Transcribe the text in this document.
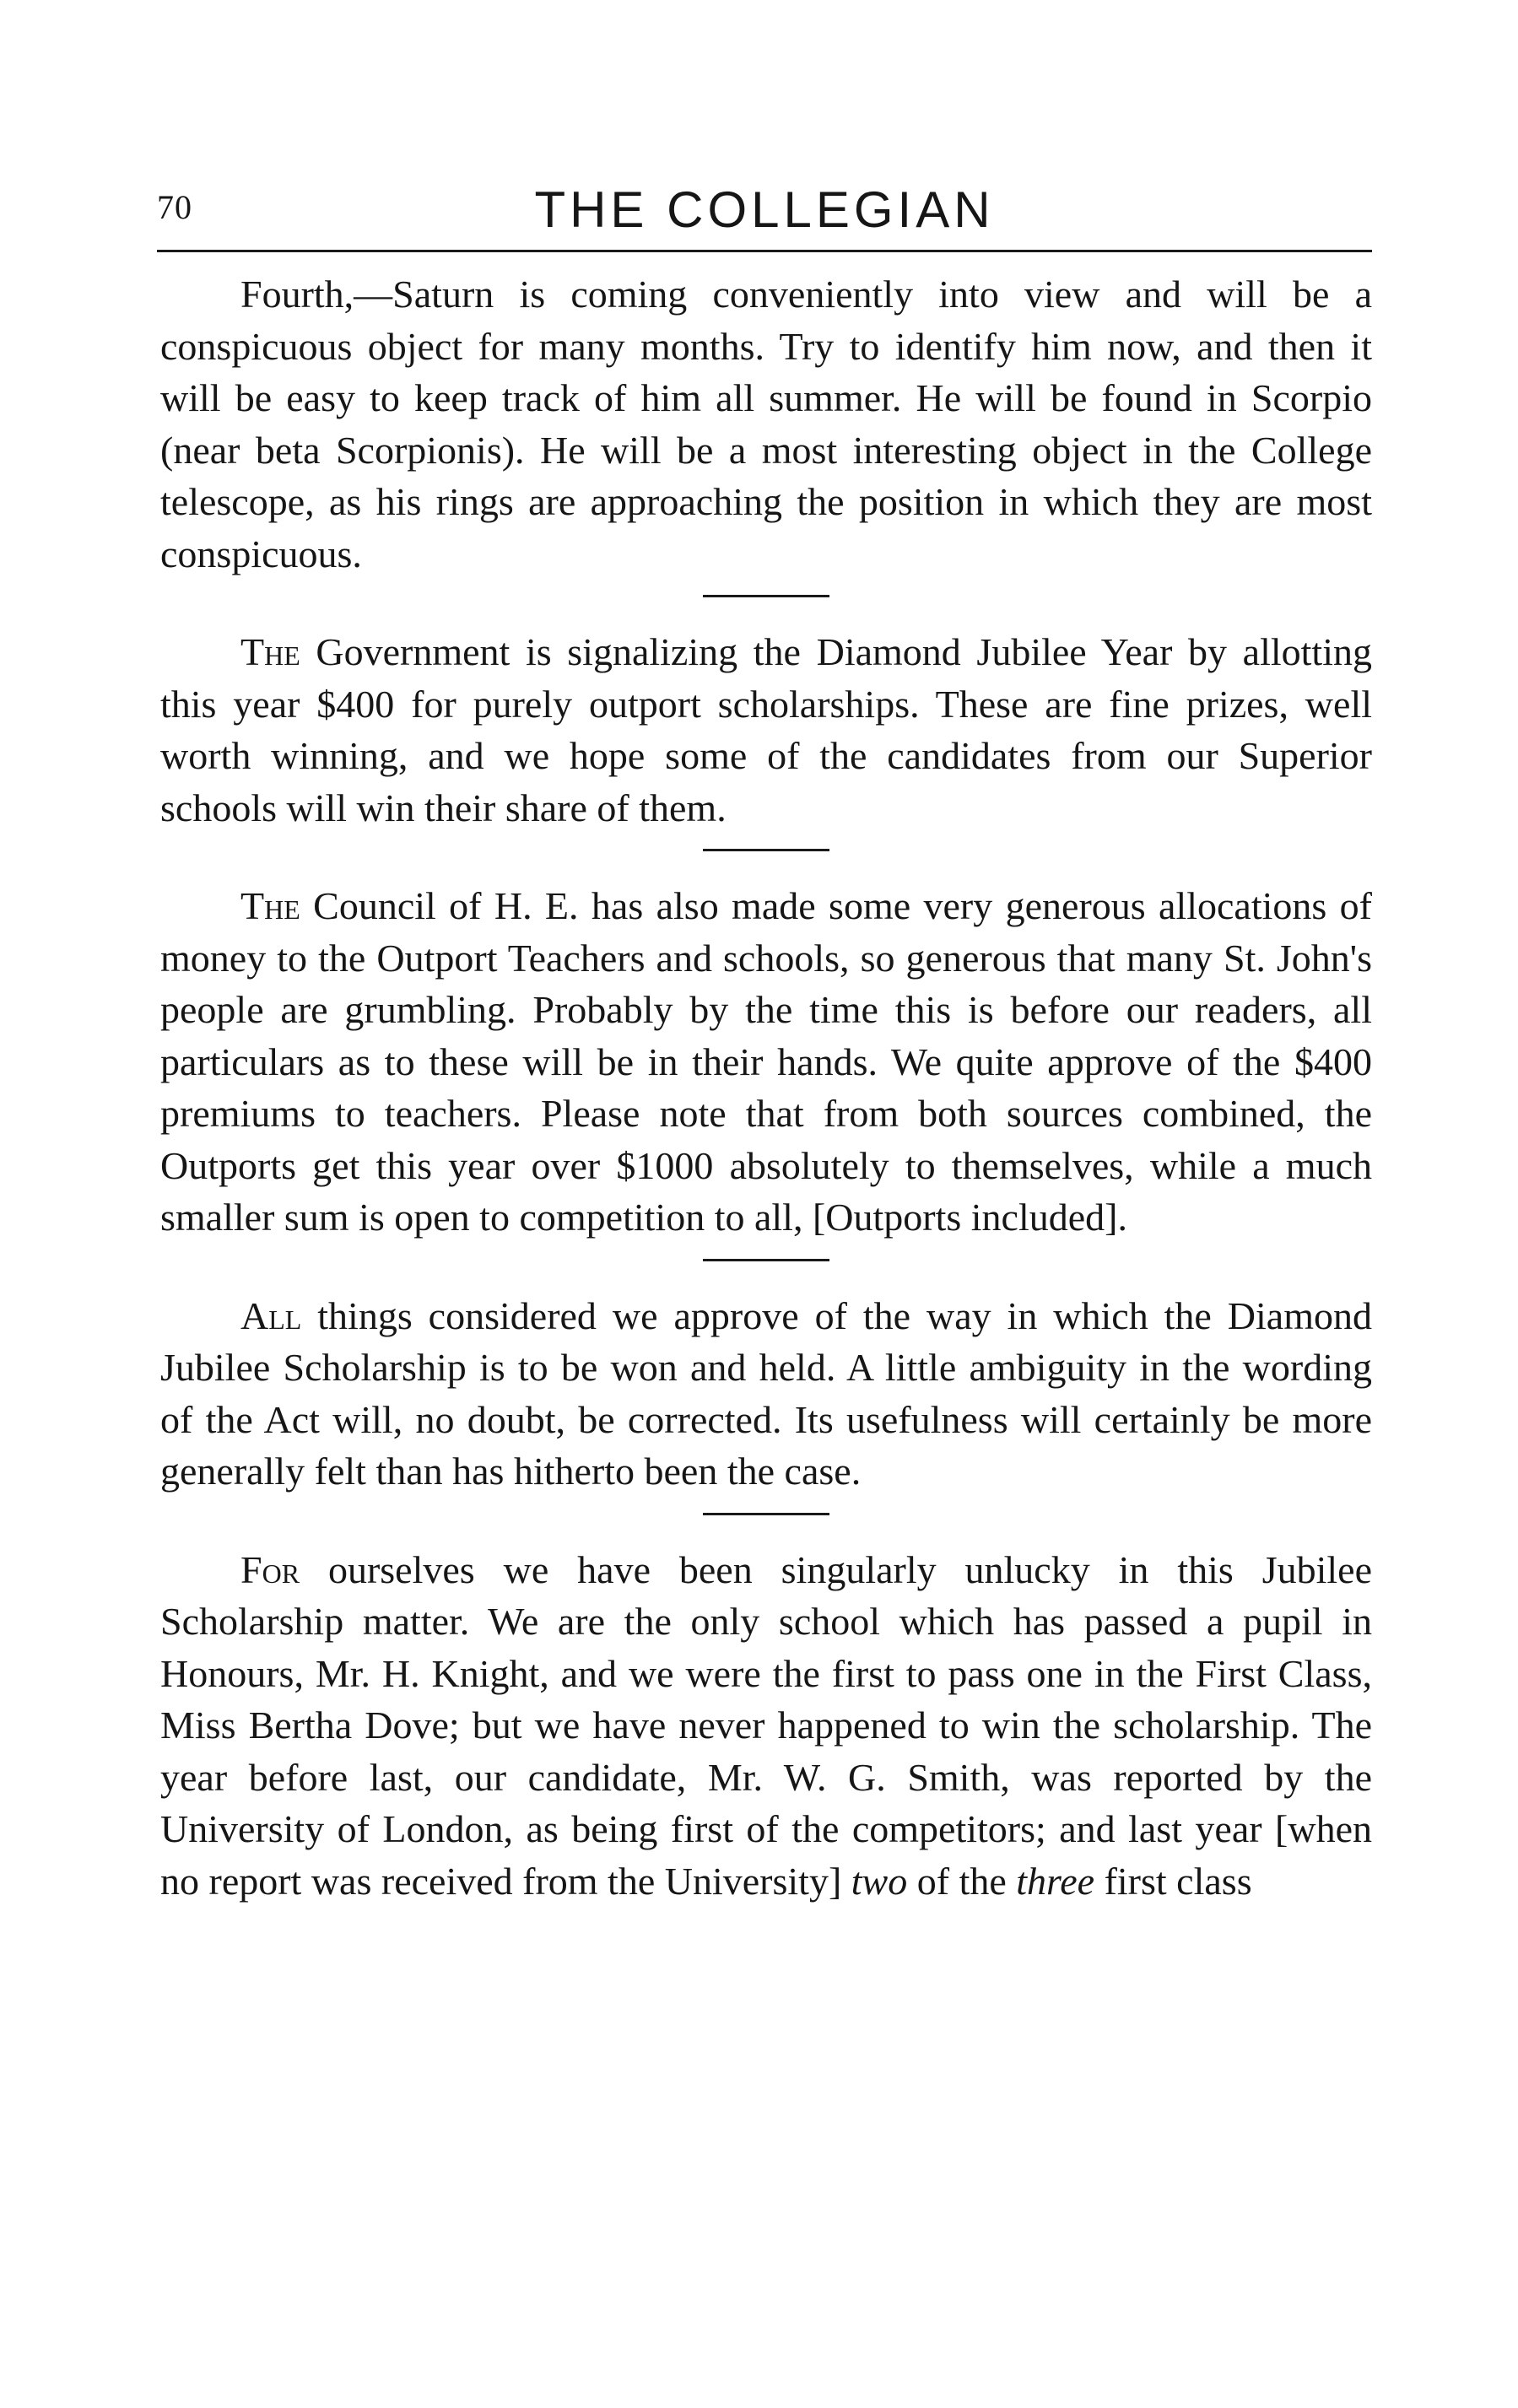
70	THE COLLEGIAN

Fourth,—Saturn is coming conveniently into view and will be a conspicuous object for many months. Try to identify him now, and then it will be easy to keep track of him all summer. He will be found in Scorpio (near beta Scorpionis). He will be a most interesting object in the College telescope, as his rings are approaching the position in which they are most conspicuous.

The Government is signalizing the Diamond Jubilee Year by allotting this year $400 for purely outport scholarships. These are fine prizes, well worth winning, and we hope some of the candidates from our Superior schools will win their share of them.

The Council of H. E. has also made some very generous allocations of money to the Outport Teachers and schools, so generous that many St. John's people are grumbling. Probably by the time this is before our readers, all particulars as to these will be in their hands. We quite approve of the $400 premiums to teachers. Please note that from both sources combined, the Outports get this year over $1000 absolutely to themselves, while a much smaller sum is open to competition to all, [Outports included].

All things considered we approve of the way in which the Diamond Jubilee Scholarship is to be won and held. A little ambiguity in the wording of the Act will, no doubt, be corrected. Its usefulness will certainly be more generally felt than has hitherto been the case.

For ourselves we have been singularly unlucky in this Jubilee Scholarship matter. We are the only school which has passed a pupil in Honours, Mr. H. Knight, and we were the first to pass one in the First Class, Miss Bertha Dove; but we have never happened to win the scholarship. The year before last, our candidate, Mr. W. G. Smith, was reported by the University of London, as being first of the competitors; and last year [when no report was received from the University] two of the three first class
